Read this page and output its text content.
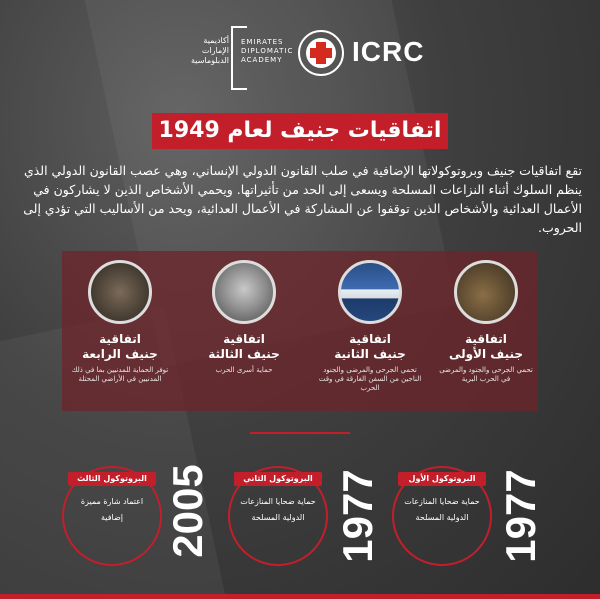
أكاديمية
الإمارات
الدبلوماسية
EMIRATES
DIPLOMATIC
ACADEMY	ICRC
اتفاقيات جنيف لعام 1949
تقع اتفاقيات جنيف وبروتوكولاتها الإضافية في صلب القانون الدولي الإنساني، وهي عصب القانون الدولي الذي ينظم السلوك أثناء النزاعات المسلحة ويسعى إلى الحد من تأثيراتها. ويحمي الأشخاص الذين لا يشاركون في الأعمال العدائية والأشخاص الذين توقفوا عن المشاركة في الأعمال العدائية، ويحد من الأساليب التي تؤدي إلى الحروب.
اتفاقية
جنيف الأولى
تحمي الجرحى والجنود والمرضى في الحرب البرية
اتفاقية
جنيف الثانية
تحمي الجرحى والمرضى والجنود الناجين من السفن الغارقة في وقت الحرب
اتفاقية
جنيف الثالثة
حماية أسرى الحرب
اتفاقية
جنيف الرابعة
توفر الحماية للمدنيين بما في ذلك المدنيين في الأراضي المحتلة
البروتوكول الأول
حماية ضحايا المنازعات
الدولية المسلحة 1977
البروتوكول الثاني
حماية ضحايا المنازعات
الدولية المسلحة 1977
البروتوكول الثالث
اعتماد شارة مميزة
إضافية 2005
